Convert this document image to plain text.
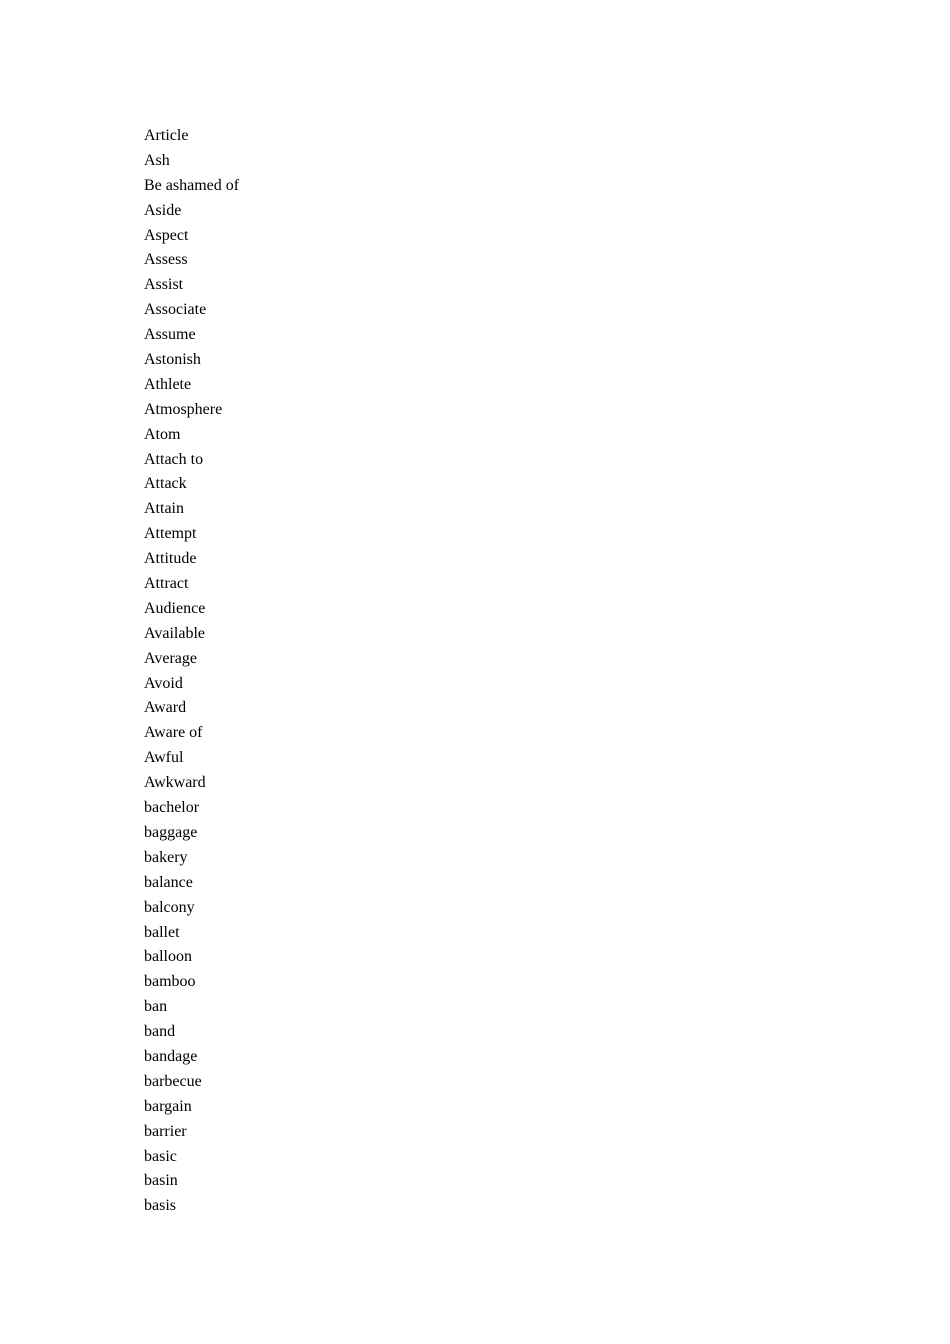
Article
Ash
Be ashamed of
Aside
Aspect
Assess
Assist
Associate
Assume
Astonish
Athlete
Atmosphere
Atom
Attach to
Attack
Attain
Attempt
Attitude
Attract
Audience
Available
Average
Avoid
Award
Aware of
Awful
Awkward
bachelor
baggage
bakery
balance
balcony
ballet
balloon
bamboo
ban
band
bandage
barbecue
bargain
barrier
basic
basin
basis
